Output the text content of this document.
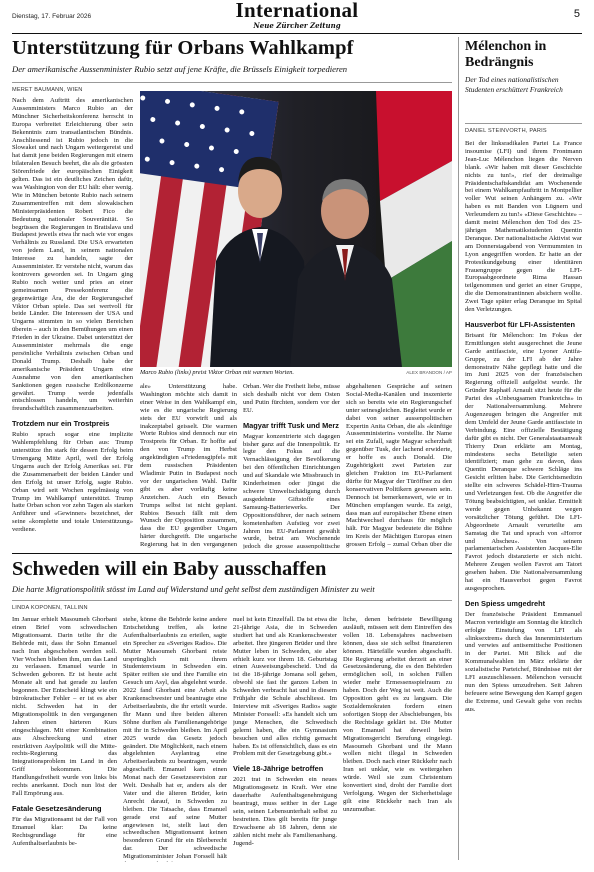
Dienstag, 17. Februar 2026	International
Neue Zürcher Zeitung
5
Unterstützung für Orbans Wahlkampf
Der amerikanische Aussenminister Rubio setzt auf jene Kräfte, die Brüssels Einigkeit torpedieren
MERET BAUMANN, WIEN

Nach dem Auftritt des amerikanischen Aussenministers Marco Rubio an der Münchner Sicherheitskonferenz herrscht in Europa verbreitet Erleichterung über sein Bekenntnis zum transatlantischen Bündnis. Anschliessend ist Rubio jedoch in die Slowakei und nach Ungarn weitergereist und hat damit jene beiden Regierungen mit einem bilateralen Besuch beehrt, die als die grössten Störenfriede der europäischen Einigkeit gelten. Das ist ein deutliches Zeichen dafür, was Washington von der EU hält: eher wenig. Wie in München betonte Rubio nach seinem Zusammentreffen mit dem slowakischen Ministerpräsidenten Robert Fico die Bedeutung nationaler Souveränität. So begrüssen die Regierungen in Bratislava und Budapest jeweils etwa ihr nach wie vor enges Verhältnis zu Russland. Die USA erwarteten von jedem Land, in seinem nationalen Interesse zu handeln, sagte der Aussenminister. Er verstehe nicht, warum das kontrovers geworden sei. In Ungarn ging Rubio noch weiter und pries an einer gemeinsamen Pressekonferenz die gegenwärtige Ära, die der Regierungschef Viktor Orban spiele. Das sei wertvoll für beide Länder. Die Interessen der USA und Ungarns stimmten in so vielen Bereichen überein – auch in den Bemühungen um einen Frieden in der Ukraine. Dabei unterstützt der Aussenminister mehrmals die enge persönliche Verhältnis zwischen Orban und Donald Trump. Deshalb habe der amerikanische Präsident Ungarn eine Ausnahme von den amerikanischen Sanktionen gegen russische Erdölkonzerne gewährt. Trump werde jedenfalls entschlossen handeln, um weiterhin freundschaftlich zusammenzuarbeiten.

Trotzdem nur ein Trostpreis

Rubio sprach sogar eine implizite Wahlempfehlung für Orban aus: Trump unterstütze ihn stark für dessen Erfolg beim Urnengang Mitte April, weil der Erfolg Ungarns auch der Erfolg Amerikas sei. Für die Zusammenarbeit der beiden Länder und den Erfolg ist unser Erfolg, sagte Rubio. Orban wird seit Wochen regelmässig von Trump im Wahlkampf unterstützt. Trump hatte Orban schon vor zehn Tagen als starken Anführer und «Gewinner» bezeichnet, der seine «komplette und totale Unterstützung» verdiene.

Marco Rubio (links) preist Viktor Orban mit warmen Worten.	ALEX BRANDON / AP

ale» Unterstützung habe. Washington möchte sich damit in einer Weise in den Wahlkampf ein, wie es die ungarische Regierung stets der EU vorwirft und als inakzeptabel geisselt. Die warmen Worte Rubios sind dennoch nur ein Trostpreis für Orban. Er hoffte auf den von Trump im Herbst angekündigten «Friedensgipfel» mit dem russischen Präsidenten Wladimir Putin in Budapest noch vor der ungarischen Wahl. Dafür gibt es aber vorläufig keine Anzeichen. Auch ein Besuch Trumps selbst ist nicht geplant. Rubios Besuch fällt mit dem Wunsch der Opposition zusammen, dass die EU gegenüber Ungarn härter durchgreift. Die ungarische Regierung hat in den vergangenen

Orban. Wer die Freiheit liebe, müsse sich deshalb nicht vor dem Osten und Putin fürchten, sondern vor der EU.

Magyar trifft Tusk und Merz

Magyar konzentrierte sich dagegen bisher ganz auf die Innenpolitik. Er legte den Fokus auf die Vernachlässigung der Bevölkerung bei den öffentlichen Einrichtungen und auf Skandale wie Missbrauch in Kinderheimen oder jüngst die schwere Umweltschädigung durch ausgedehnte Giftstoffe eines Samsung-Batteriewerks. Der Oppositionsführer, der nach seinem kometenhaften Aufstieg vor zwei Jahren ins EU-Parlament gewählt wurde, betrat am Wochenende jedoch die grosse aussenpolitische

abgehaltenen Gespräche auf seinen Social-Media-Kanälen und inszenierte sich so bereits wie ein Regierungschef unter seinesgleichen. Begleitet wurde er dabei von seiner aussenpolitischen Expertin Anita Orban, die als «künftige Aussenministerin» vorstellte. Ihr Name sei ein Zufall, sagte Magyar scherzhaft gegenüber Tusk, der lachend erwiderte, er hoffe es auch Donald. Die Zugehörigkeit zwei Parteien zur gleichen Fraktion im EU-Parlament dürfte für Magyar der Türöffner zu den konservativen Politikern gewesen sein. Dennoch ist bemerkenswert, wie er in München empfangen wurde. Es zeigt, dass man auf europäischer Ebene einen Machtwechsel durchaus für möglich hält. Für Magyar bedeutete die Bühne im Kreis der Mächtigen Europas einen grossen Erfolg – zumal Orban über die

Mélenchon in Bedrängnis
Der Tod eines nationalistischen Studenten erschüttert Frankreich
DANIEL STEINVORTH, PARIS

Bei der linksradikalen Partei La France insoumise (LFI) und ihrem Frontmann Jean-Luc Mélenchon liegen die Nerven blank. «Wir haben mit dieser Geschichte nichts zu tun!», rief der dreimalige Präsidentschaftskandidat am Wochenende bei einem Wahlkampfauftritt in Montpellier voller Wut seinen Anhängern zu. «Wir haben es mit Banden von Lügnern und Verleumdern zu tun!» «Diese Geschichte» – damit meint Mélenchon den Tod des 23-jährigen Mathematikstudenten Quentin Deranque. Der nationalistische Aktivist war am Donnerstagabend von Vermummten in Lyon angegriffen worden. Er hatte an der Protestkundgebung einer identitären Frauengruppe gegen die LFI-Europaabgeordnete Rima Hassan teilgenommen und geriet an einer Gruppe, die die Demonstrantinnen absichern wollte. Zwei Tage später erlag Deranque im Spital den Verletzungen.

Hausverbot für LFI-Assistenten

Brisant für Mélenchon: Im Fokus der Ermittlungen steht ausgerechnet die Jeune Garde antifasciste, eine Lyoner Antifa-Gruppe, zu der LFI ab der Jahre demonstrativ Nähe gepflegt hatte und die im Juni 2025 von der französischen Regierung offiziell aufgelöst wurde. Ihr Gründer Raphaël Arnault sitzt heute für die Partei des «Unbeugsamen Frankreichs» in der Nationalversammlung. Mehrere Augenzeugen bringen die Angreifer mit dem Umfeld der Jeune Garde antifasciste in Verbindung. Eine offizielle Bestätigung dafür gibt es nicht. Der Generalstaatsanwalt Thierry Dran erklärte am Montag, mindestens sechs Beteiligte seien identifiziert; man gehe zu davon, dass Quentin Deranque schwere Schläge ins Gesicht erlitten habe. Die Gerichtsmedizin stellte ein schweres Schädel-Hirn-Trauma und Verletzungen fest. Ob die Angreifer die Tötung beabsichtigten, sei unklar. Ermittelt werde gegen Unbekannt wegen vorsätzlicher Tötung geführt. Die LFI-Abgeordnete Arnault verurteilte am Samstag die Tat und sprach von «Horror und Abscheu». Von seinem parlamentarischen Assistenten Jacques-Elie Favrot jedoch distanzierte er sich nicht. Mehrere Zeugen wollen Favrot am Tatort gesehen haben. Die Nationalversammlung hat ein Hausverbot gegen Favrot ausgesprochen.

Den Spiess umgedreht

Der französische Präsident Emmanuel Macron verteidigte am Sonntag die kürzlich erfolgte Einstufung von LFI als «linksextrem» durch das Innenministerium und verwies auf antisemitische Positionen in der Partei. Mit Blick auf die Kommunalwahlen im März erklärte der sozialistische Parteichef, Bündnisse mit der LFI auszuschliessen. Mélenchon versucht nun den Spiess umzudrehen. Seit Jahren befeuere seine Bewegung den Kampf gegen die Extreme, und Gewalt gehe von rechts aus.

Schweden will ein Baby ausschaffen
Die harte Migrationspolitik stösst im Land auf Widerstand und geht selbst dem zuständigen Minister zu weit
LINDA KOPONEN, TALLINN

Im Januar erhielt Masoumeh Ghorbani einen Brief vom schwedischen Migrationsamt. Darin teilte ihr die Behörde mit, dass ihr Sohn Emanuel nach Iran abgeschoben werden soll. Vier Wochen blieben ihm, um das Land zu verlassen. Emanuel wurde in Schweden geboren. Er ist heute acht Monate alt und hat gerade zu laufen begonnen. Der Entscheid klingt wie ein bürokratischer Fehler – er ist es aber nicht. Schweden hat in der Migrationspolitik in den vergangenen Jahren einen härteren Kurs eingeschlagen. Mit einer Kombination aus Abschreckung und einer restriktiven Asylpolitik will die Mitte-rechts-Regierung das Integrationsproblem im Land in den Griff bekommen. Die Handlungsfreiheit wurde von links bis rechts anerkannt. Doch nun löst der Fall Empörung aus.

Fatale Gesetzesänderung

Für das Migrationsamt ist der Fall von Emanuel klar: Da keine Rechtsgrundlage für eine Aufenthaltserlaubnis be-

stehe, könne die Behörde keine andere Entscheidung treffen, als keine Aufenthaltserlaubnis zu erteilen, sagte ein Sprecher zu «Sveriges Radio». Die Mutter Masoumeh Ghorbani reiste ursprünglich mit ihrem Studentenvisum in Schweden ein. Später reiften sie und ihre Familie ein Gesuch um Asyl, das abgelehnt wurde. 2022 fand Ghorbani eine Arbeit als Krankenschwester und beantragte eine Arbeitserlaubnis, die ihr erteilt wurde. Ihr Mann und ihre beiden älteren Söhne durften als Familienangehörige mit ihr in Schweden bleiben. Im April 2025 wurde das Gesetz jedoch geändert. Die Möglichkeit, nach einem abgelehnten Asylantrag eine Arbeitserlaubnis zu beantragen, wurde abgeschafft. Emanuel kam einen Monat nach der Gesetzesrevision zur Welt. Deshalb hat er, anders als der Vater und die älteren Brüder, kein Anrecht darauf, in Schweden zu bleiben. Die Tatsache, dass Emanuel gerade erst auf seine Mutter angewiesen ist, stellt laut den schwedischen Migrationsamt keinen besonderen Grund für ein Bleiberecht dar. Der schwedische Migrationsminister Johan Forssell hält

nuel ist kein Einzelfall. Da ist etwa die 21-jährige Asia, die in Schweden studiert hat und als Krankenschwester arbeitet. Ihre jüngeren Brüder und ihre Mutter leben in Schweden, sie aber erhielt kurz vor ihrem 18. Geburtstag einen Ausweisungsbescheid. Und da ist die 18-jährige Jomana soll gehen, obwohl sie fast ihr ganzes Leben in Schweden verbracht hat und in diesem Frühjahr die Schule abschliesst. Im Interview mit «Sveriges Radio» sagte Minister Forssell: «Es handelt sich um junge Menschen, die Schwedisch gelernt haben, die ein Gymnasium besuchen und alles richtig gemacht haben. Es ist offensichtlich, dass es ein Problem mit der Gesetzgebung gibt.»

Viele 18-Jährige betroffen

2021 trat in Schweden ein neues Migrationsgesetz in Kraft. Wer eine dauerhafte Aufenthaltsgenehmigung beantragt, muss seither in der Lage sein, seinen Lebensunterhalt selbst zu bestreiten. Dies gilt bereits für junge Erwachsene ab 18 Jahren, denn sie zählen nicht mehr als Familienanhang. Jugend-

liche, denen befristete Bewilligung ausläuft, müssen seit dem Eintreffen des vollen 18. Lebensjahres nachweisen können, dass sie sich selbst finanzieren können. Härtefälle wurden abgeschafft. Die Regierung arbeitet derzeit an einer Gesetzesänderung, die es den Behörden ermöglichen soll, in solchen Fällen wieder mehr Ermessensspielraum zu haben. Doch der Weg ist weit. Auch die Opposition geht es zu langsam. Die Sozialdemokraten fordern einen sofortigen Stopp der Abschiebungen, bis die Rechtslage geklärt ist. Die Mutter von Emanuel hat derweil beim Migrationsgericht Berufung eingelegt. Masoumeh Ghorbani und ihr Mann wollen nicht illegal in Schweden bleiben. Doch nach einer Rückkehr nach Iran sei unklar, wie es weitergehen würde. Weil sie zum Christentum konvertiert sind, droht der Familie dort Verfolgung. Wegen der Sicherheitslage gilt eine Rückkehr nach Iran als unzumutbar.
